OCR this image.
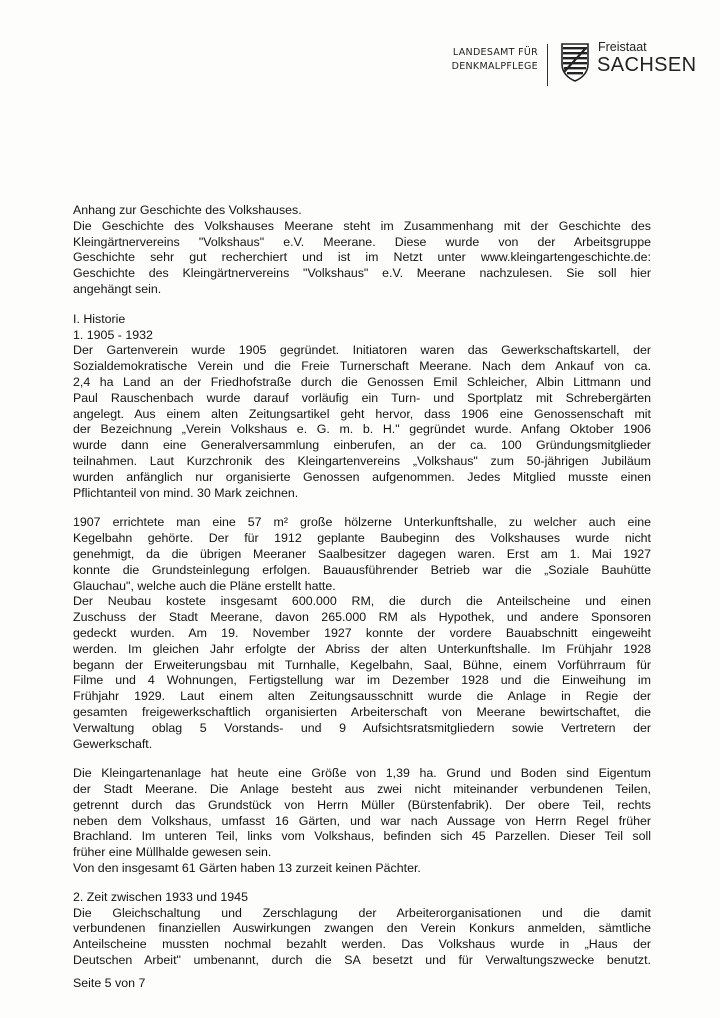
LANDESAMT FÜR
DENKMALPFLEGE
Freistaat
SACHSEN

Anhang zur Geschichte des Volkshauses.
Die Geschichte des Volkshauses Meerane steht im Zusammenhang mit der Geschichte des
Kleingärtnervereins "Volkshaus" e.V. Meerane. Diese wurde von der Arbeitsgruppe
Geschichte sehr gut recherchiert und ist im Netzt unter www.kleingartengeschichte.de:
Geschichte des Kleingärtnervereins "Volkshaus" e.V. Meerane nachzulesen. Sie soll hier
angehängt sein.

I. Historie
1. 1905 - 1932
Der Gartenverein wurde 1905 gegründet. Initiatoren waren das Gewerkschaftskartell, der
Sozialdemokratische Verein und die Freie Turnerschaft Meerane. Nach dem Ankauf von ca.
2,4 ha Land an der Friedhofstraße durch die Genossen Emil Schleicher, Albin Littmann und
Paul Rauschenbach wurde darauf vorläufig ein Turn- und Sportplatz mit Schrebergärten
angelegt. Aus einem alten Zeitungsartikel geht hervor, dass 1906 eine Genossenschaft mit
der Bezeichnung „Verein Volkshaus e. G. m. b. H." gegründet wurde. Anfang Oktober 1906
wurde dann eine Generalversammlung einberufen, an der ca. 100 Gründungsmitglieder
teilnahmen. Laut Kurzchronik des Kleingartenvereins „Volkshaus" zum 50-jährigen Jubiläum
wurden anfänglich nur organisierte Genossen aufgenommen. Jedes Mitglied musste einen
Pflichtanteil von mind. 30 Mark zeichnen.

1907 errichtete man eine 57 m² große hölzerne Unterkunftshalle, zu welcher auch eine
Kegelbahn gehörte. Der für 1912 geplante Baubeginn des Volkshauses wurde nicht
genehmigt, da die übrigen Meeraner Saalbesitzer dagegen waren. Erst am 1. Mai 1927
konnte die Grundsteinlegung erfolgen. Bauausführender Betrieb war die „Soziale Bauhütte
Glauchau", welche auch die Pläne erstellt hatte.
Der Neubau kostete insgesamt 600.000 RM, die durch die Anteilscheine und einen
Zuschuss der Stadt Meerane, davon 265.000 RM als Hypothek, und andere Sponsoren
gedeckt wurden. Am 19. November 1927 konnte der vordere Bauabschnitt eingeweiht
werden. Im gleichen Jahr erfolgte der Abriss der alten Unterkunftshalle. Im Frühjahr 1928
begann der Erweiterungsbau mit Turnhalle, Kegelbahn, Saal, Bühne, einem Vorführraum für
Filme und 4 Wohnungen, Fertigstellung war im Dezember 1928 und die Einweihung im
Frühjahr 1929. Laut einem alten Zeitungsausschnitt wurde die Anlage in Regie der
gesamten freigewerkschaftlich organisierten Arbeiterschaft von Meerane bewirtschaftet, die
Verwaltung oblag 5 Vorstands- und 9 Aufsichtsratsmitgliedern sowie Vertretern der
Gewerkschaft.

Die Kleingartenanlage hat heute eine Größe von 1,39 ha. Grund und Boden sind Eigentum
der Stadt Meerane. Die Anlage besteht aus zwei nicht miteinander verbundenen Teilen,
getrennt durch das Grundstück von Herrn Müller (Bürstenfabrik). Der obere Teil, rechts
neben dem Volkshaus, umfasst 16 Gärten, und war nach Aussage von Herrn Regel früher
Brachland. Im unteren Teil, links vom Volkshaus, befinden sich 45 Parzellen. Dieser Teil soll
früher eine Müllhalde gewesen sein.
Von den insgesamt 61 Gärten haben 13 zurzeit keinen Pächter.

2. Zeit zwischen 1933 und 1945
Die Gleichschaltung und Zerschlagung der Arbeiterorganisationen und die damit
verbundenen finanziellen Auswirkungen zwangen den Verein Konkurs anmelden, sämtliche
Anteilscheine mussten nochmal bezahlt werden. Das Volkshaus wurde in „Haus der
Deutschen Arbeit" umbenannt, durch die SA besetzt und für Verwaltungszwecke benutzt.

Seite 5 von 7
